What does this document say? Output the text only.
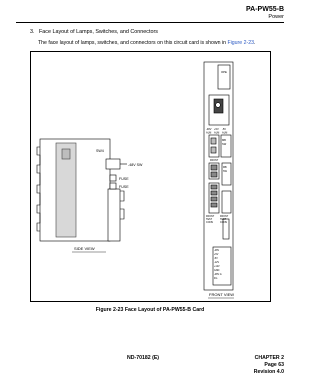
PA-PW55-B
Power
3. Face Layout of Lamps, Switches, and Connectors
The face layout of lamps, switches, and connectors on this circuit card is shown in Figure 2-23.
SW4
-48V SW
FUSE
FUSE
SIDE VIEW
OPE
-48V +5V -5V
ALM ALM ALM
MB
SW
FRONT
MB
SW
FRONT
TEST
CONN
FRONT
TEST
CONN
-48V
+5V
-5V
-12V
+12V
GND
-48V G
FG
FRONT VIEW
Figure 2-23 Face Layout of PA-PW55-B Card
ND-70182 (E)	CHAPTER 2
Page 63
Revision 4.0
